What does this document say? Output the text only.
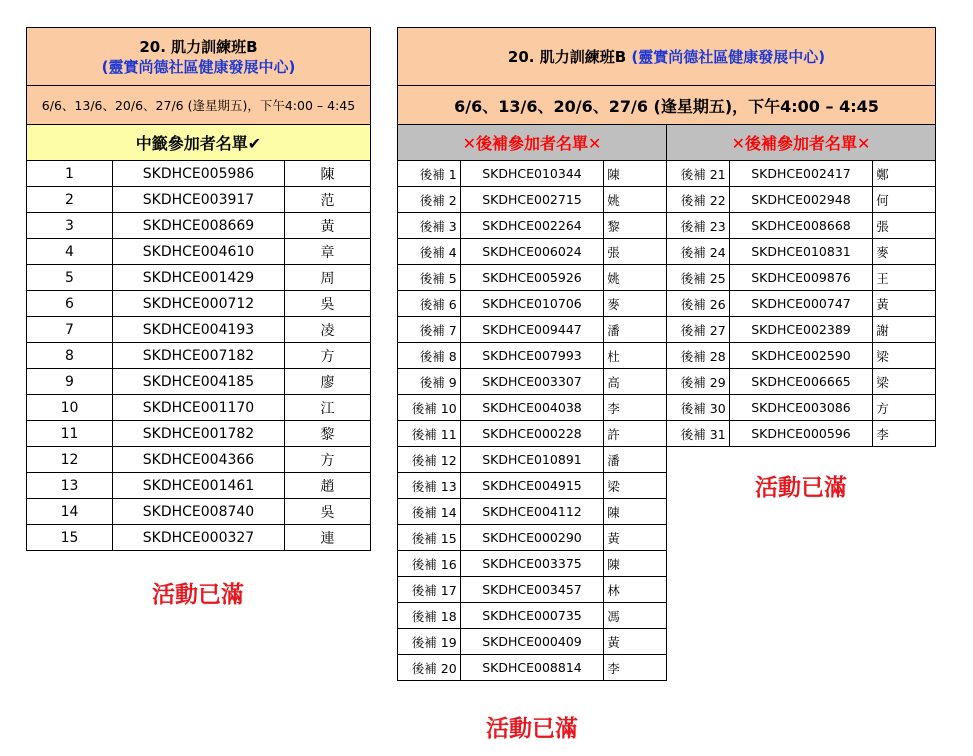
20. 肌力訓練班B
(靈實尚德社區健康發展中心)
6/6、13/6、20/6、27/6 (逢星期五)，下午4:00 – 4:45
中籤參加者名單✔
1	SKDHCE005986	陳
2	SKDHCE003917	范
3	SKDHCE008669	黃
4	SKDHCE004610	章
5	SKDHCE001429	周
6	SKDHCE000712	吳
7	SKDHCE004193	凌
8	SKDHCE007182	方
9	SKDHCE004185	廖
10	SKDHCE001170	江
11	SKDHCE001782	黎
12	SKDHCE004366	方
13	SKDHCE001461	趙
14	SKDHCE008740	吳
15	SKDHCE000327	連
活動已滿
20. 肌力訓練班B
(靈實尚德社區健康發展中心)
6/6、13/6、20/6、27/6 (逢星期五)，下午4:00 – 4:45
✕後補參加者名單✕	✕後補參加者名單✕
後補 1	SKDHCE010344	陳
後補 2	SKDHCE002715	姚
後補 3	SKDHCE002264	黎
後補 4	SKDHCE006024	張
後補 5	SKDHCE005926	姚
後補 6	SKDHCE010706	麥
後補 7	SKDHCE009447	潘
後補 8	SKDHCE007993	杜
後補 9	SKDHCE003307	高
後補 10	SKDHCE004038	李
後補 11	SKDHCE000228	許
後補 12	SKDHCE010891	潘
後補 13	SKDHCE004915	梁
後補 14	SKDHCE004112	陳
後補 15	SKDHCE000290	黃
後補 16	SKDHCE003375	陳
後補 17	SKDHCE003457	林
後補 18	SKDHCE000735	馮
後補 19	SKDHCE000409	黃
後補 20	SKDHCE008814	李
後補 21	SKDHCE002417	鄭
後補 22	SKDHCE002948	何
後補 23	SKDHCE008668	張
後補 24	SKDHCE010831	麥
後補 25	SKDHCE009876	王
後補 26	SKDHCE000747	黃
後補 27	SKDHCE002389	謝
後補 28	SKDHCE002590	梁
後補 29	SKDHCE006665	梁
後補 30	SKDHCE003086	方
後補 31	SKDHCE000596	李
活動已滿
活動已滿
